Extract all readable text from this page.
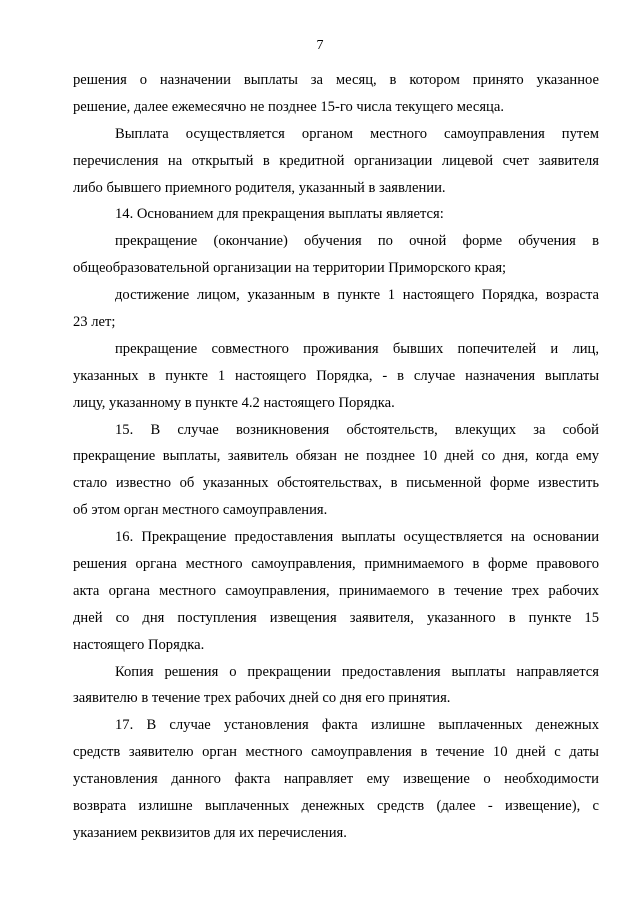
7
решения о назначении выплаты за месяц, в котором принято указанное
решение, далее ежемесячно не позднее 15-го числа текущего месяца.
Выплата осуществляется органом местного самоуправления путем
перечисления на открытый в кредитной организации лицевой счет заявителя
либо бывшего приемного родителя, указанный в заявлении.
14. Основанием для прекращения выплаты является:
прекращение (окончание) обучения по очной форме обучения в
общеобразовательной организации на территории Приморского края;
достижение лицом, указанным в пункте 1 настоящего Порядка, возраста
23 лет;
прекращение совместного проживания бывших попечителей и лиц,
указанных в пункте 1 настоящего Порядка, - в случае назначения выплаты
лицу, указанному в пункте 4.2 настоящего Порядка.
15. В случае возникновения обстоятельств, влекущих за собой
прекращение выплаты, заявитель обязан не позднее 10 дней со дня, когда ему
стало известно об указанных обстоятельствах, в письменной форме известить
об этом орган местного самоуправления.
16. Прекращение предоставления выплаты осуществляется на основании
решения органа местного самоуправления, примнимаемого в форме правового
акта органа местного самоуправления, принимаемого в течение трех рабочих
дней со дня поступления извещения заявителя, указанного в пункте 15
настоящего Порядка.
Копия решения о прекращении предоставления выплаты направляется
заявителю в течение трех рабочих дней со дня его принятия.
17. В случае установления факта излишне выплаченных денежных
средств заявителю орган местного самоуправления в течение 10 дней с даты
установления данного факта направляет ему извещение о необходимости
возврата излишне выплаченных денежных средств (далее - извещение), с
указанием реквизитов для их перечисления.
